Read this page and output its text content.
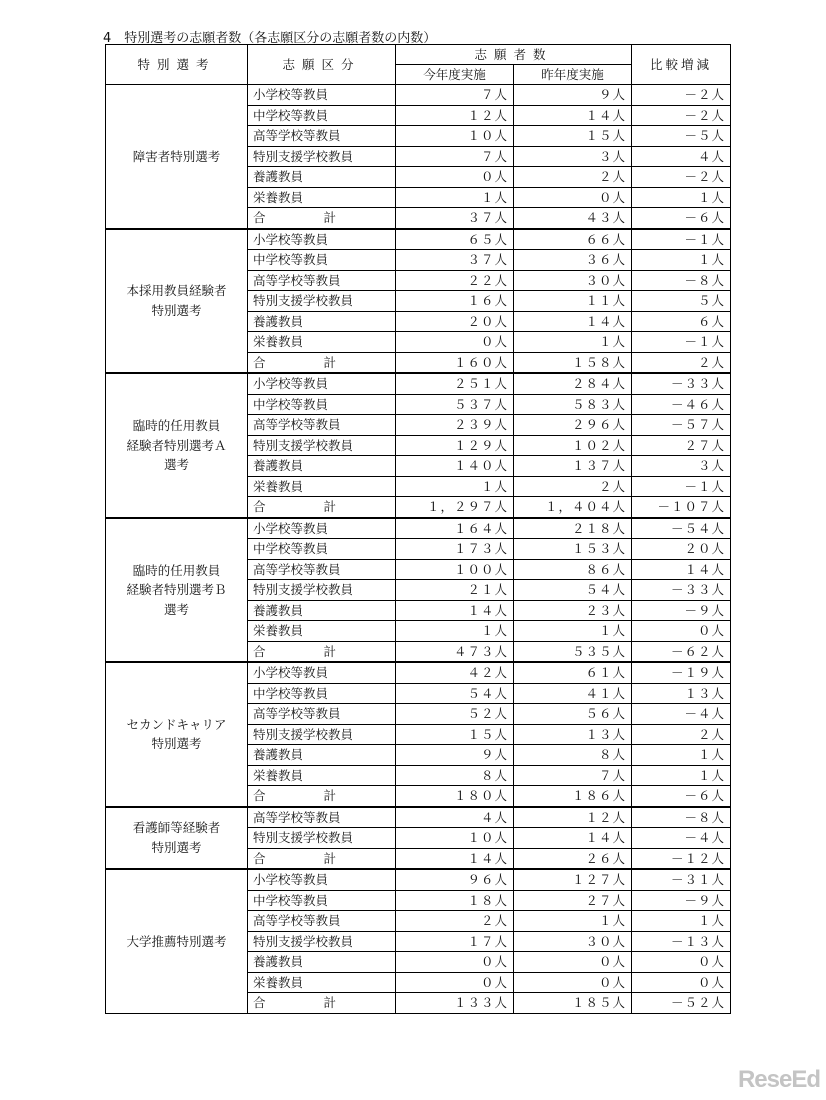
4　特別選考の志願者数（各志願区分の志願者数の内数）
特別選考	志願区分	志願者数		比較増減
		今年度実施	昨年度実施	

障害者特別選考	小学校等教員	７人	９人	－２人
	中学校等教員	１２人	１４人	－２人
	高等学校等教員	１０人	１５人	－５人
	特別支援学校教員	７人	３人	４人
	養護教員	０人	２人	－２人
	栄養教員	１人	０人	１人
	合 計	３７人	４３人	－６人

本採用教員経験者
特別選考	小学校等教員	６５人	６６人	－１人
	中学校等教員	３７人	３６人	１人
	高等学校等教員	２２人	３０人	－８人
	特別支援学校教員	１６人	１１人	５人
	養護教員	２０人	１４人	６人
	栄養教員	０人	１人	－１人
	合 計	１６０人	１５８人	２人

臨時的任用教員
経験者特別選考Ａ
選考	小学校等教員	２５１人	２８４人	－３３人
	中学校等教員	５３７人	５８３人	－４６人
	高等学校等教員	２３９人	２９６人	－５７人
	特別支援学校教員	１２９人	１０２人	２７人
	養護教員	１４０人	１３７人	３人
	栄養教員	１人	２人	－１人
	合 計	１，２９７人	１，４０４人	－１０７人

臨時的任用教員
経験者特別選考Ｂ
選考	小学校等教員	１６４人	２１８人	－５４人
	中学校等教員	１７３人	１５３人	２０人
	高等学校等教員	１００人	８６人	１４人
	特別支援学校教員	２１人	５４人	－３３人
	養護教員	１４人	２３人	－９人
	栄養教員	１人	１人	０人
	合 計	４７３人	５３５人	－６２人

セカンドキャリア
特別選考	小学校等教員	４２人	６１人	－１９人
	中学校等教員	５４人	４１人	１３人
	高等学校等教員	５２人	５６人	－４人
	特別支援学校教員	１５人	１３人	２人
	養護教員	９人	８人	１人
	栄養教員	８人	７人	１人
	合 計	１８０人	１８６人	－６人

看護師等経験者
特別選考	高等学校等教員	４人	１２人	－８人
	特別支援学校教員	１０人	１４人	－４人
	合 計	１４人	２６人	－１２人

大学推薦特別選考	小学校等教員	９６人	１２７人	－３１人
	中学校等教員	１８人	２７人	－９人
	高等学校等教員	２人	１人	１人
	特別支援学校教員	１７人	３０人	－１３人
	養護教員	０人	０人	０人
	栄養教員	０人	０人	０人
	合 計	１３３人	１８５人	－５２人
ReseEd
